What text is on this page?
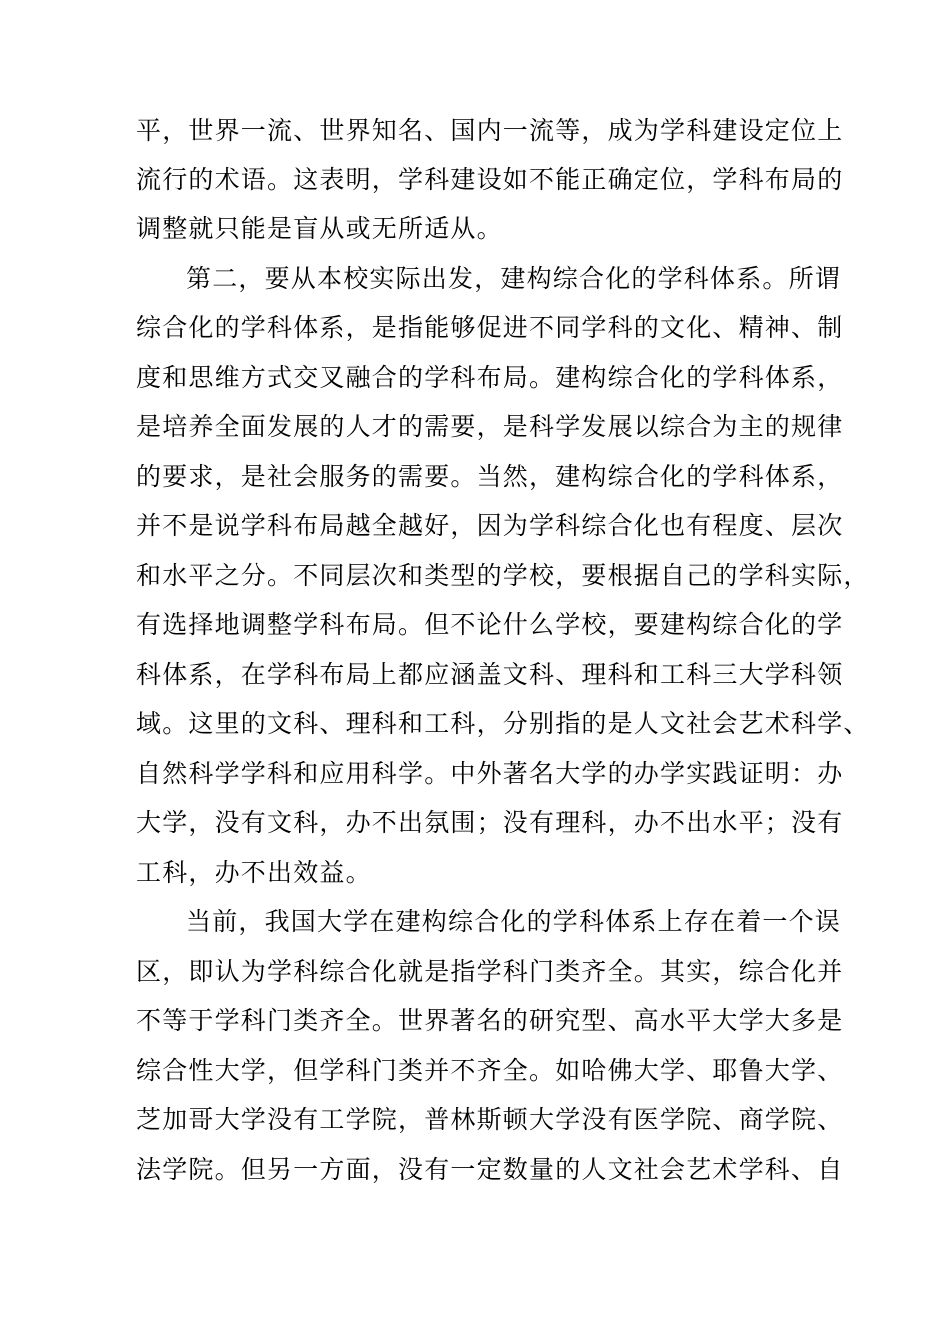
平，世界一流、世界知名、国内一流等，成为学科建设定位上
流行的术语。这表明，学科建设如不能正确定位，学科布局的
调整就只能是盲从或无所适从。
第二，要从本校实际出发，建构综合化的学科体系。所谓
综合化的学科体系，是指能够促进不同学科的文化、精神、制
度和思维方式交叉融合的学科布局。建构综合化的学科体系，
是培养全面发展的人才的需要，是科学发展以综合为主的规律
的要求，是社会服务的需要。当然，建构综合化的学科体系，
并不是说学科布局越全越好，因为学科综合化也有程度、层次
和水平之分。不同层次和类型的学校，要根据自己的学科实际，
有选择地调整学科布局。但不论什么学校，要建构综合化的学
科体系，在学科布局上都应涵盖文科、理科和工科三大学科领
域。这里的文科、理科和工科，分别指的是人文社会艺术科学、
自然科学学科和应用科学。中外著名大学的办学实践证明：办
大学，没有文科，办不出氛围；没有理科，办不出水平；没有
工科，办不出效益。
当前，我国大学在建构综合化的学科体系上存在着一个误
区，即认为学科综合化就是指学科门类齐全。其实，综合化并
不等于学科门类齐全。世界著名的研究型、高水平大学大多是
综合性大学，但学科门类并不齐全。如哈佛大学、耶鲁大学、
芝加哥大学没有工学院，普林斯顿大学没有医学院、商学院、
法学院。但另一方面，没有一定数量的人文社会艺术学科、自
